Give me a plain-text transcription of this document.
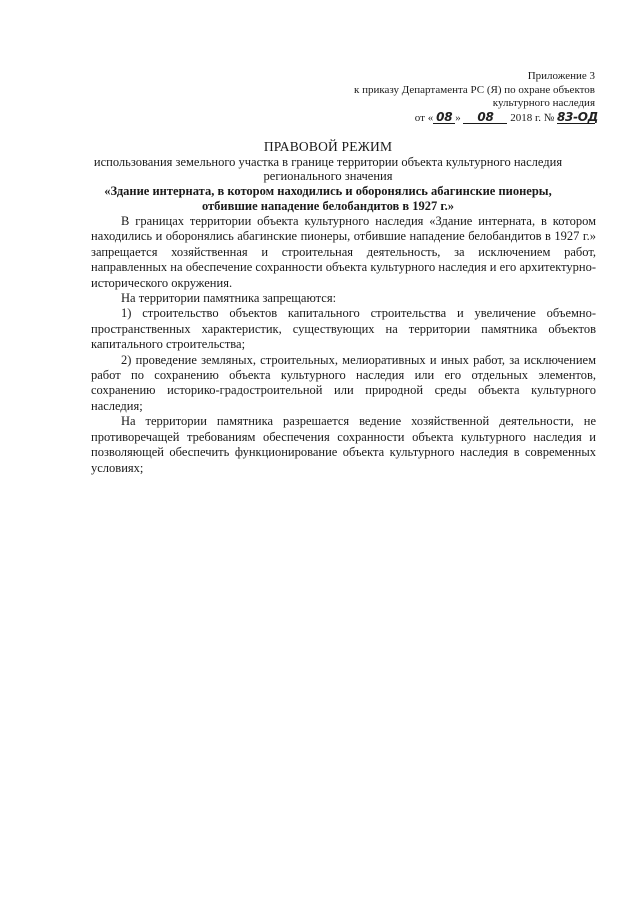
Приложение 3
к приказу Департамента РС (Я) по охране объектов
культурного наследия
от « 08 » 08 2018 г. № 83-ОД
ПРАВОВОЙ РЕЖИМ
использования земельного участка в границе территории объекта культурного наследия
регионального значения
«Здание интерната, в котором находились и оборонялись абагинские пионеры,
отбившие нападение белобандитов в 1927 г.»

В границах территории объекта культурного наследия «Здание интерната, в котором находились и оборонялись абагинские пионеры, отбившие нападение белобандитов в 1927 г.» запрещается хозяйственная и строительная деятельность, за исключением работ, направленных на обеспечение сохранности объекта культурного наследия и его архитектурно-исторического окружения.

На территории памятника запрещаются:

1) строительство объектов капитального строительства и увеличение объемно-пространственных характеристик, существующих на территории памятника объектов капитального строительства;

2) проведение земляных, строительных, мелиоративных и иных работ, за исключением работ по сохранению объекта культурного наследия или его отдельных элементов, сохранению историко-градостроительной или природной среды объекта культурного наследия;

На территории памятника разрешается ведение хозяйственной деятельности, не противоречащей требованиям обеспечения сохранности объекта культурного наследия и позволяющей обеспечить функционирование объекта культурного наследия в современных условиях;
